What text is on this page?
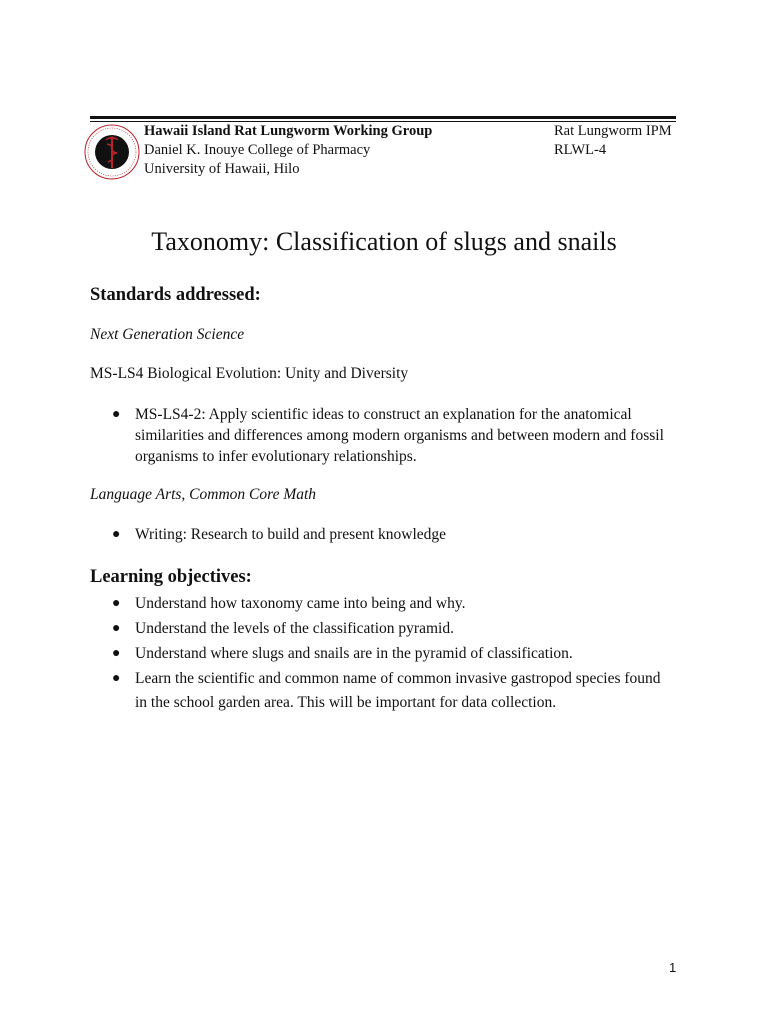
Hawaii Island Rat Lungworm Working Group
Daniel K. Inouye College of Pharmacy
University of Hawaii, Hilo
Rat Lungworm IPM
RLWL-4
Taxonomy: Classification of slugs and snails
Standards addressed:
Next Generation Science
MS-LS4 Biological Evolution: Unity and Diversity
● MS-LS4-2: Apply scientific ideas to construct an explanation for the anatomical similarities and differences among modern organisms and between modern and fossil organisms to infer evolutionary relationships.
Language Arts, Common Core Math
● Writing: Research to build and present knowledge
Learning objectives:
● Understand how taxonomy came into being and why.
● Understand the levels of the classification pyramid.
● Understand where slugs and snails are in the pyramid of classification.
● Learn the scientific and common name of common invasive gastropod species found in the school garden area. This will be important for data collection.
1
